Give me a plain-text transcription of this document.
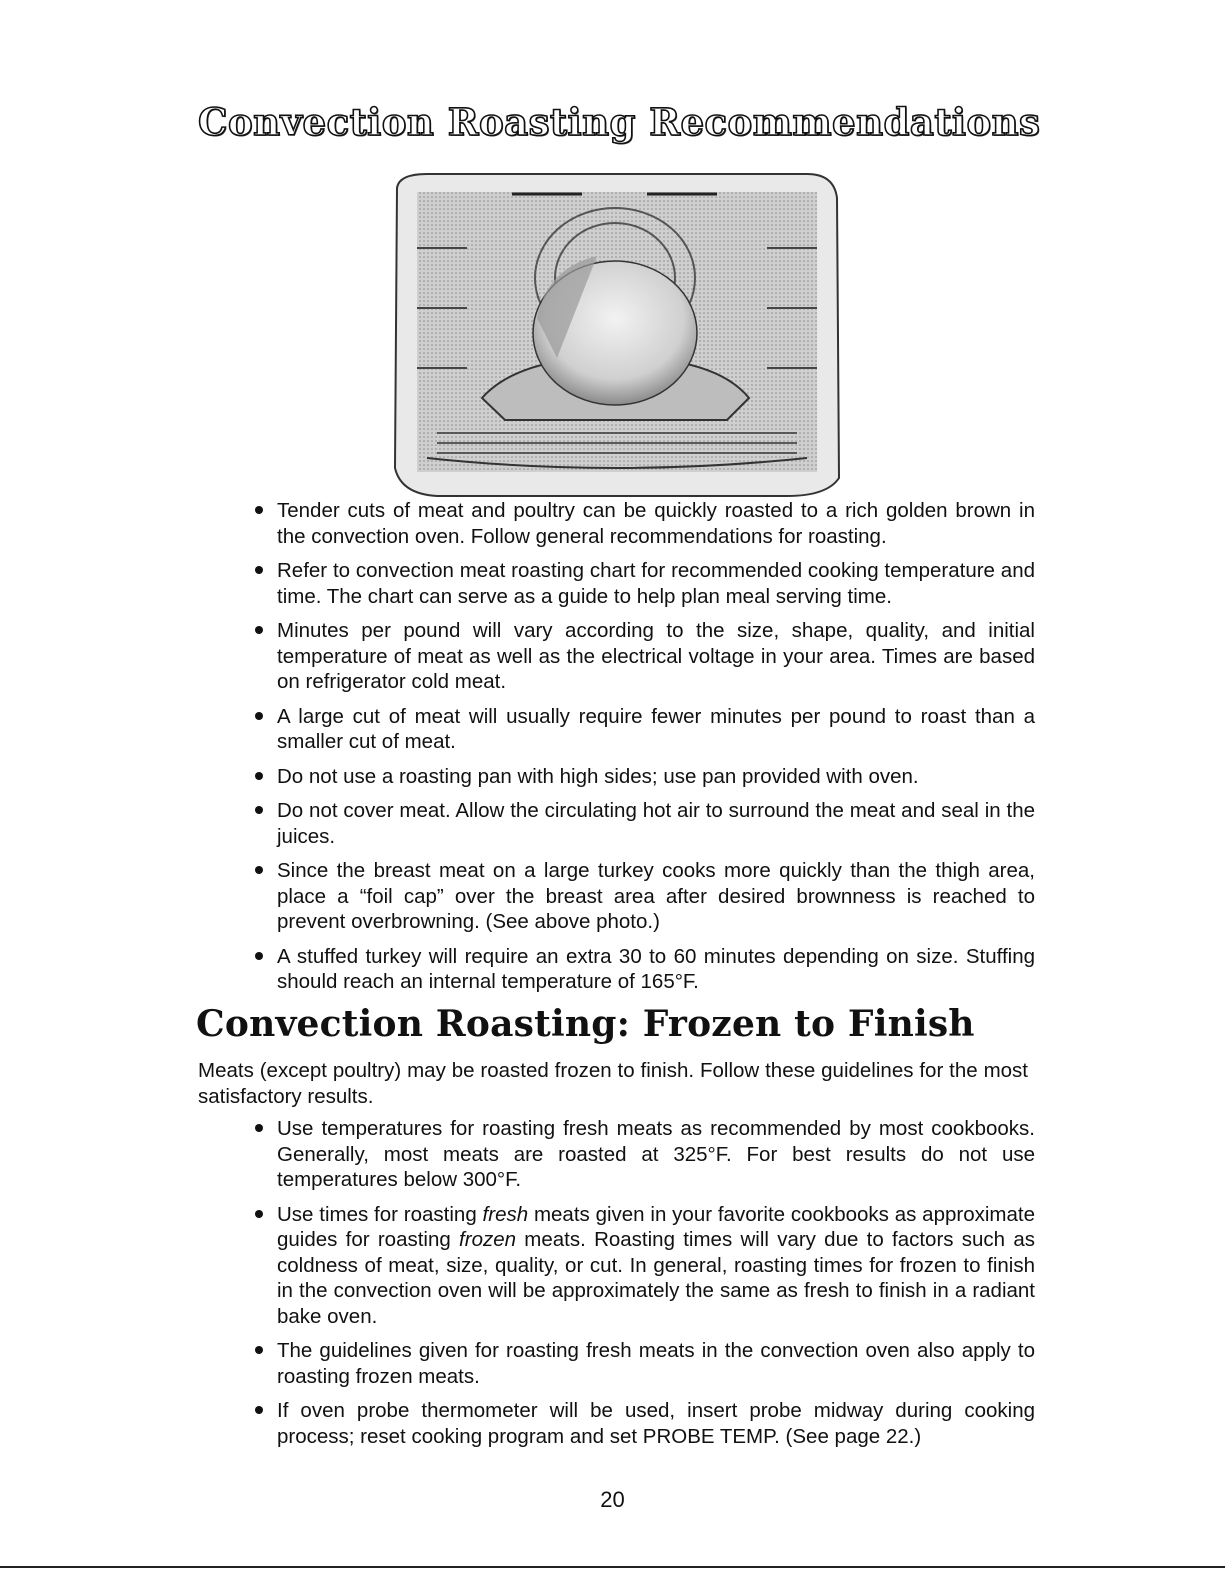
Convection Roasting Recommendations
Tender cuts of meat and poultry can be quickly roasted to a rich golden brown in the convection oven. Follow general recommendations for roasting.
Refer to convection meat roasting chart for recommended cooking temperature and time. The chart can serve as a guide to help plan meal serving time.
Minutes per pound will vary according to the size, shape, quality, and initial temperature of meat as well as the electrical voltage in your area. Times are based on refrigerator cold meat.
A large cut of meat will usually require fewer minutes per pound to roast than a smaller cut of meat.
Do not use a roasting pan with high sides; use pan provided with oven.
Do not cover meat. Allow the circulating hot air to surround the meat and seal in the juices.
Since the breast meat on a large turkey cooks more quickly than the thigh area, place a “foil cap” over the breast area after desired brownness is reached to prevent overbrowning. (See above photo.)
A stuffed turkey will require an extra 30 to 60 minutes depending on size. Stuffing should reach an internal temperature of 165°F.
Convection Roasting: Frozen to Finish

Meats (except poultry) may be roasted frozen to finish. Follow these guidelines for the most satisfactory results.

Use temperatures for roasting fresh meats as recommended by most cookbooks. Generally, most meats are roasted at 325°F. For best results do not use temperatures below 300°F.
Use times for roasting fresh meats given in your favorite cookbooks as approximate guides for roasting frozen meats. Roasting times will vary due to factors such as coldness of meat, size, quality, or cut. In general, roasting times for frozen to finish in the convection oven will be approximately the same as fresh to finish in a radiant bake oven.
The guidelines given for roasting fresh meats in the convection oven also apply to roasting frozen meats.
If oven probe thermometer will be used, insert probe midway during cooking process; reset cooking program and set PROBE TEMP. (See page 22.)
20
